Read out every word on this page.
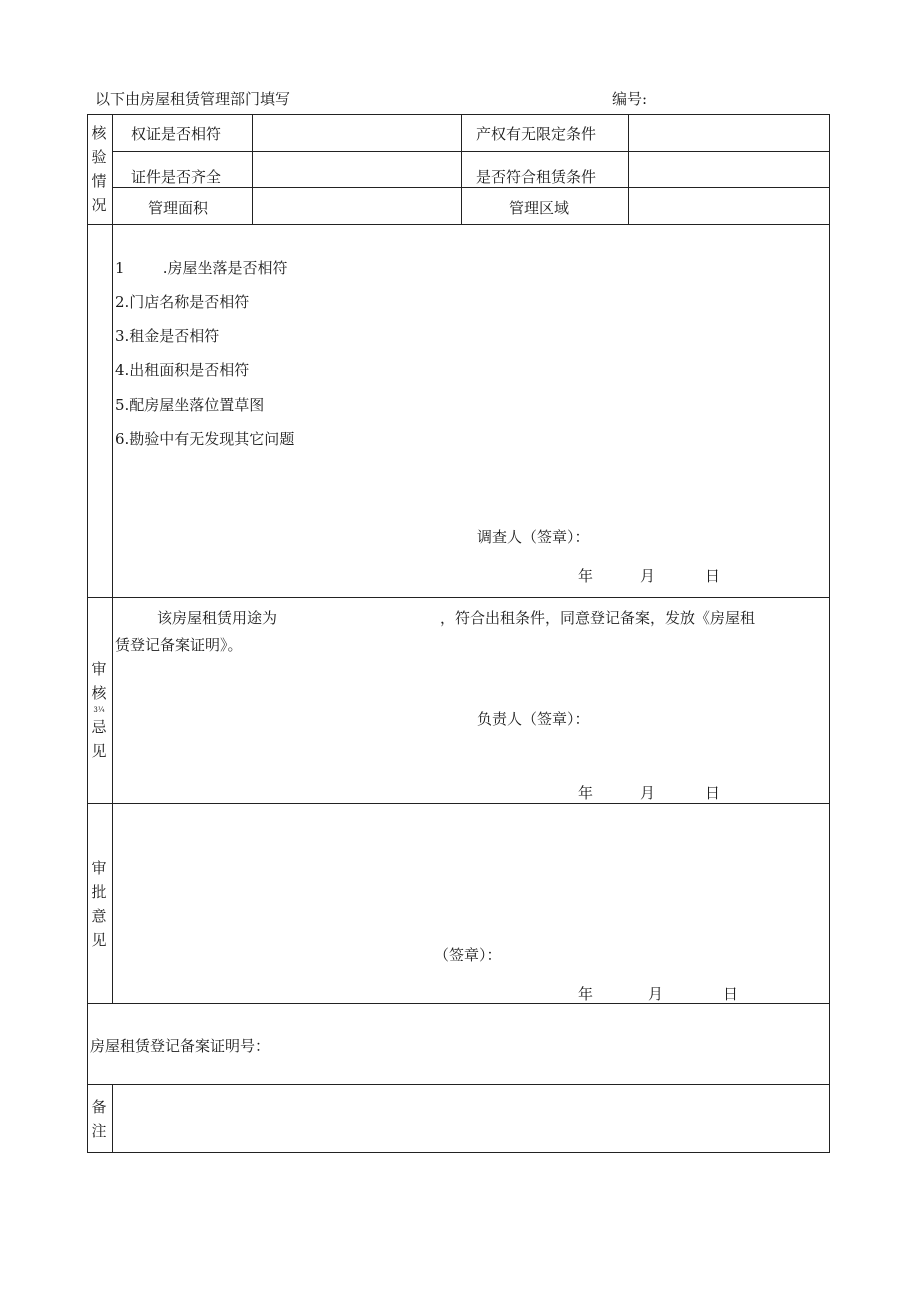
以下由房屋租赁管理部门填写	编号:
核
验
情
况
权证是否相符	产权有无限定条件
证件是否齐全	是否符合租赁条件
管理面积	管理区域
1        .房屋坐落是否相符
2.门店名称是否相符
3.租金是否相符
4.出租面积是否相符
5.配房屋坐落位置草图
6.勘验中有无发现其它问题
调查人（签章）：
年	月	日
审
核
3¼
忌
见
该房屋租赁用途为	，符合出租条件，同意登记备案，发放《房屋租
赁登记备案证明》。
负责人（签章）：
年	月	日
审
批
意
见
（签章）：
年	月	日
房屋租赁登记备案证明号：
备
注
